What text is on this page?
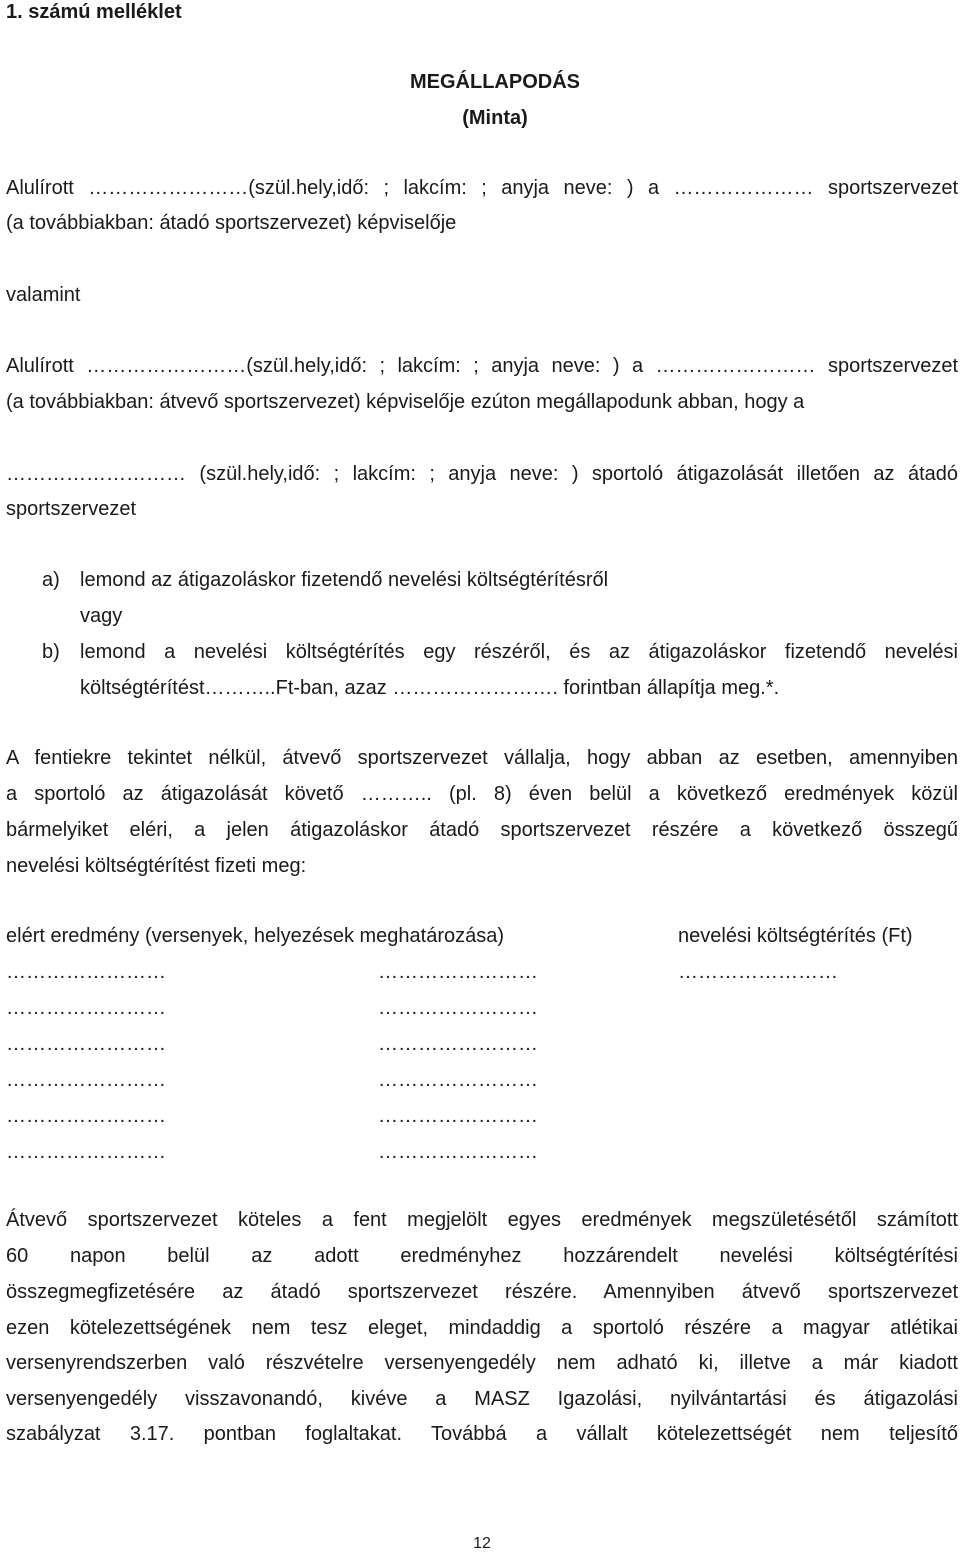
1. számú melléklet
MEGÁLLAPODÁS
(Minta)
Alulírott ……………………(szül.hely,idő: ; lakcím: ; anyja neve: ) a ………………… sportszervezet
(a továbbiakban: átadó sportszervezet) képviselője
valamint
Alulírott ……………………(szül.hely,idő: ; lakcím: ; anyja neve: ) a …………………… sportszervezet
(a továbbiakban: átvevő sportszervezet) képviselője ezúton megállapodunk abban, hogy a
……………………… (szül.hely,idő: ; lakcím: ; anyja neve: ) sportoló átigazolását illetően az átadó
sportszervezet
a) lemond az átigazoláskor fizetendő nevelési költségtérítésről
vagy
b) lemond a nevelési költségtérítés egy részéről, és az átigazoláskor fizetendő nevelési
költségtérítést………..Ft-ban, azaz ……………………. forintban állapítja meg.*.
A fentiekre tekintet nélkül, átvevő sportszervezet vállalja, hogy abban az esetben, amennyiben
a sportoló az átigazolását követő ……….. (pl. 8) éven belül a következő eredmények közül
bármelyiket eléri, a jelen átigazoláskor átadó sportszervezet részére a következő összegű
nevelési költségtérítést fizeti meg:
elért eredmény (versenyek, helyezések meghatározása)	nevelési költségtérítés (Ft)
……………………	……………………	……………………
……………………	……………………
……………………	……………………
……………………	……………………
……………………	……………………
……………………	……………………
Átvevő sportszervezet köteles a fent megjelölt egyes eredmények megszületésétől számított
60 napon belül az adott eredményhez hozzárendelt nevelési költségtérítési
összegmegfizetésére az átadó sportszervezet részére. Amennyiben átvevő sportszervezet
ezen kötelezettségének nem tesz eleget, mindaddig a sportoló részére a magyar atlétikai
versenyrendszerben való részvételre versenyengedély nem adható ki, illetve a már kiadott
versenyengedély visszavonandó, kivéve a MASZ Igazolási, nyilvántartási és átigazolási
szabályzat 3.17. pontban foglaltakat. Továbbá a vállalt kötelezettségét nem teljesítő
12
